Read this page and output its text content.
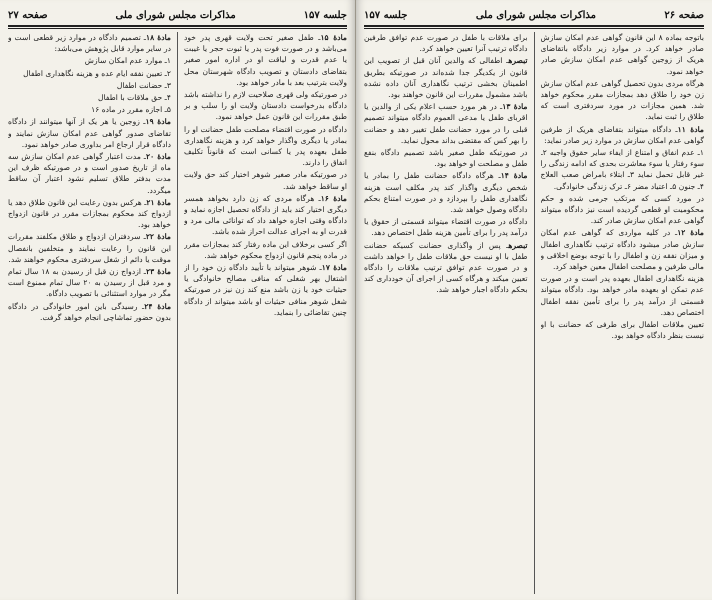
جلسه ۱۵۷
مذاکرات مجلس شورای ملی
صفحه ۲۷

مادهٔ ۱۵ـ طفل صغیر تحت ولایت قهری پدر خود می‌باشد و در صورت فوت پدر یا ثبوت حجر یا غیبت یا عدم قدرت و لیاقت او در اداره امور صغیر بتقاضای دادستان و تصویب دادگاه شهرستان محل ولایت بترتیب بعد با مادر خواهد بود.

در صورتیکه ولی قهری صلاحیت لازم را نداشته باشد دادگاه بدرخواست دادستان ولایت او را سلب و بر طبق مقررات این قانون عمل خواهد نمود.

دادگاه در صورت اقتضاء مصلحت طفل حضانت او را بمادر یا دیگری واگذار خواهد کرد و هزینه نگاهداری طفل بعهده پدر یا کسانی است که قانوناً تکلیف انفاق را دارند.

در صورتیکه مادر صغیر شوهر اختیار کند حق ولایت او ساقط خواهد شد.

مادهٔ ۱۶ـ هرگاه مردی که زن دارد بخواهد همسر دیگری اختیار کند باید از دادگاه تحصیل اجازه نماید و دادگاه وقتی اجازه خواهد داد که توانائی مالی مرد و قدرت او به اجرای عدالت احراز شده باشد.

اگر کسی برخلاف این ماده رفتار کند بمجازات مقرر در ماده پنجم قانون ازدواج محکوم خواهد شد.

مادهٔ ۱۷ـ شوهر میتواند با تأیید دادگاه زن خود را از اشتغال بهر شغلی که منافی مصالح خانوادگی یا حیثیات خود یا زن باشد منع کند زن نیز در صورتیکه شغل شوهر منافی حیثیات او باشد میتواند از دادگاه چنین تقاضائی را بنماید.

مادهٔ ۱۸ـ تصمیم دادگاه در موارد زیر قطعی است و در سایر موارد قابل پژوهش می‌باشد:

۱ـ موارد عدم امکان سازش

۲ـ تعیین نفقه ایام عده و هزینه نگاهداری اطفال

۳ـ حضانت اطفال

۴ـ حق ملاقات با اطفال

۵ـ اجازه مقرر در ماده ۱۶

مادهٔ ۱۹ـ زوجین یا هر یک از آنها میتوانند از دادگاه تقاضای صدور گواهی عدم امکان سازش نمایند و دادگاه قرار ارجاع امر بداوری صادر خواهد نمود.

مادهٔ ۲۰ـ مدت اعتبار گواهی عدم امکان سازش سه ماه از تاریخ صدور است و در صورتیکه ظرف این مدت بدفتر طلاق تسلیم نشود اعتبار آن ساقط میگردد.

مادهٔ ۲۱ـ هرکس بدون رعایت این قانون طلاق دهد یا ازدواج کند محکوم بمجازات مقرر در قانون ازدواج خواهد بود.

مادهٔ ۲۲ـ سردفتران ازدواج و طلاق مکلفند مقررات این قانون را رعایت نمایند و متخلفین بانفصال موقت یا دائم از شغل سردفتری محکوم خواهند شد.

مادهٔ ۲۳ـ ازدواج زن قبل از رسیدن به ۱۸ سال تمام و مرد قبل از رسیدن به ۲۰ سال تمام ممنوع است مگر در موارد استثنائی با تصویب دادگاه.

مادهٔ ۲۴ـ رسیدگی باین امور خانوادگی در دادگاه بدون حضور تماشاچی انجام خواهد گرفت.

صفحه ۲۶
مذاکرات مجلس شورای ملی
جلسه ۱۵۷

باتوجه بماده ۸ این قانون گواهی عدم امکان سازش صادر خواهد کرد. در موارد زیر دادگاه باتقاضای هریک از زوجین گواهی عدم امکان سازش صادر خواهد نمود.

هرگاه مردی بدون تحصیل گواهی عدم امکان سازش زن خود را طلاق دهد بمجازات مقرر محکوم خواهد شد. همین مجازات در مورد سردفتری است که طلاق را ثبت نماید.

مادهٔ ۱۱ـ دادگاه میتواند بتقاضای هریک از طرفین گواهی عدم امکان سازش در موارد زیر صادر نماید:

۱ـ عدم انفاق و امتناع از ایفاء سایر حقوق واجبه ۲ـ سوء رفتار یا سوء معاشرت بحدی که ادامه زندگی را غیر قابل تحمل نماید ۳ـ ابتلاء بامراض صعب العلاج ۴ـ جنون ۵ـ اعتیاد مضر ۶ـ ترک زندگی خانوادگی.

در مورد کسی که مرتکب جرمی شده و حکم محکومیت او قطعی گردیده است نیز دادگاه میتواند گواهی عدم امکان سازش صادر کند.

مادهٔ ۱۲ـ در کلیه مواردی که گواهی عدم امکان سازش صادر میشود دادگاه ترتیب نگاهداری اطفال و میزان نفقه زن و اطفال را با توجه بوضع اخلاقی و مالی طرفین و مصلحت اطفال معین خواهد کرد.

هزینه نگاهداری اطفال بعهده پدر است و در صورت عدم تمکن او بعهده مادر خواهد بود. دادگاه میتواند قسمتی از درآمد پدر را برای تأمین نفقه اطفال اختصاص دهد.

تعیین ملاقات اطفال برای طرفی که حضانت با او نیست بنظر دادگاه خواهد بود.

برای ملاقات با طفل در صورت عدم توافق طرفین دادگاه ترتیب آنرا تعیین خواهد کرد.

تبصرهـ اطفالی که والدین آنان قبل از تصویب این قانون از یکدیگر جدا شده‌اند در صورتیکه بطریق اطمینان بخشی ترتیب نگاهداری آنان داده نشده باشد مشمول مقررات این قانون خواهند بود.

مادهٔ ۱۳ـ در هر مورد حسب اعلام یکی از والدین یا اقربای طفل یا مدعی العموم دادگاه میتواند تصمیم قبلی را در مورد حضانت طفل تغییر دهد و حضانت را بهر کس که مقتضی بداند محول نماید.

در صورتیکه طفل صغیر باشد تصمیم دادگاه بنفع طفل و مصلحت او خواهد بود.

مادهٔ ۱۴ـ هرگاه دادگاه حضانت طفل را بمادر یا شخص دیگری واگذار کند پدر مکلف است هزینه نگاهداری طفل را بپردازد و در صورت امتناع بحکم دادگاه وصول خواهد شد.

دادگاه در صورت اقتضاء میتواند قسمتی از حقوق یا درآمد پدر را برای تأمین هزینه طفل اختصاص دهد.

تبصرهـ پس از واگذاری حضانت کسیکه حضانت طفل با او نیست حق ملاقات طفل را خواهد داشت و در صورت عدم توافق ترتیب ملاقات را دادگاه تعیین میکند و هرگاه کسی از اجرای آن خودداری کند بحکم دادگاه اجبار خواهد شد.
